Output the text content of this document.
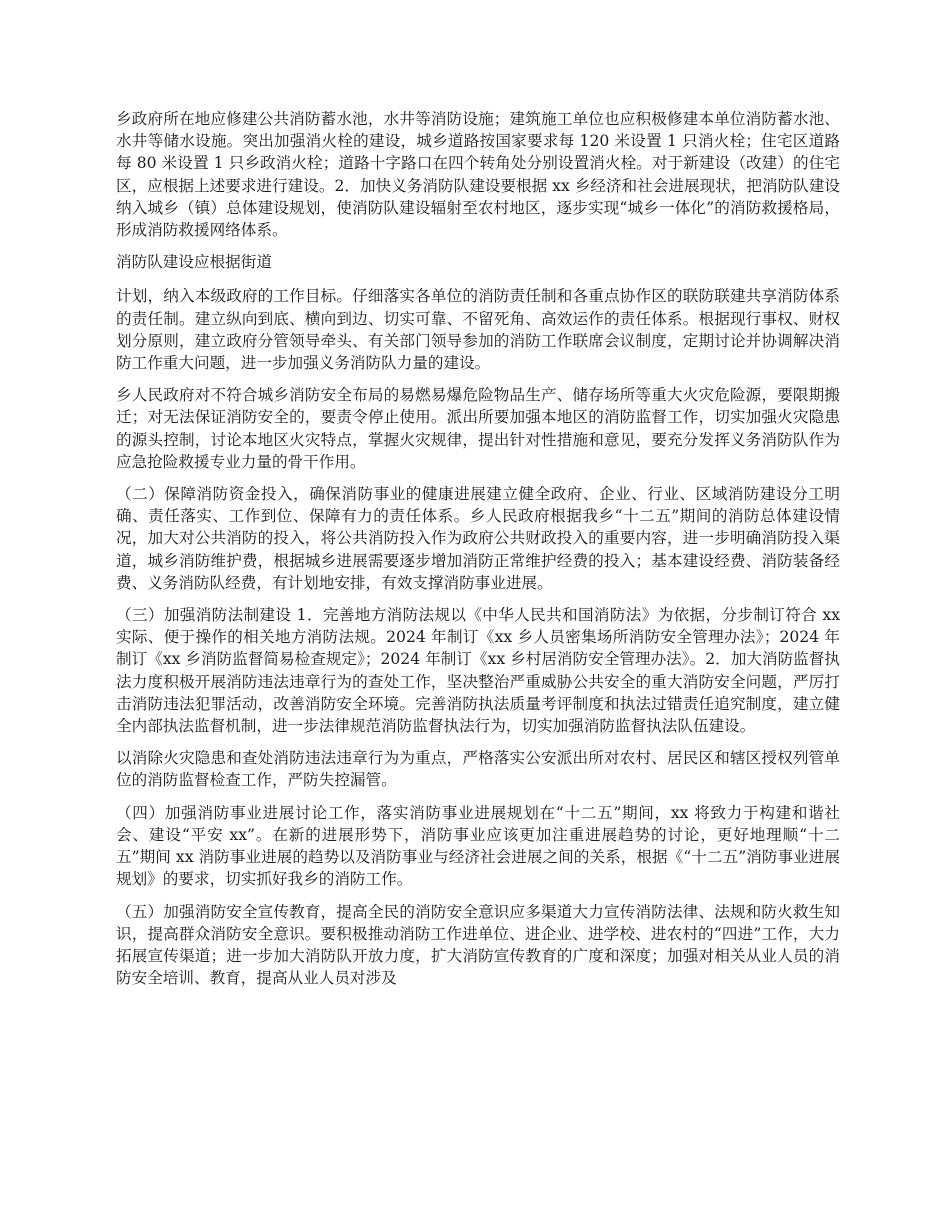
乡政府所在地应修建公共消防蓄水池，水井等消防设施；建筑施工单位也应积极修建本单位消防蓄水池、水井等储水设施。突出加强消火栓的建设，城乡道路按国家要求每 120 米设置 1 只消火栓；住宅区道路每 80 米设置 1 只乡政消火栓；道路十字路口在四个转角处分别设置消火栓。对于新建设（改建）的住宅区，应根据上述要求进行建设。2．加快义务消防队建设要根据 xx 乡经济和社会进展现状，把消防队建设纳入城乡（镇）总体建设规划，使消防队建设辐射至农村地区，逐步实现“城乡一体化”的消防救援格局，形成消防救援网络体系。

消防队建设应根据街道

计划，纳入本级政府的工作目标。仔细落实各单位的消防责任制和各重点协作区的联防联建共享消防体系的责任制。建立纵向到底、横向到边、切实可靠、不留死角、高效运作的责任体系。根据现行事权、财权划分原则，建立政府分管领导牵头、有关部门领导参加的消防工作联席会议制度，定期讨论并协调解决消防工作重大问题，进一步加强义务消防队力量的建设。

乡人民政府对不符合城乡消防安全布局的易燃易爆危险物品生产、储存场所等重大火灾危险源，要限期搬迁；对无法保证消防安全的，要责令停止使用。派出所要加强本地区的消防监督工作，切实加强火灾隐患的源头控制，讨论本地区火灾特点，掌握火灾规律，提出针对性措施和意见，要充分发挥义务消防队作为应急抢险救援专业力量的骨干作用。

（二）保障消防资金投入，确保消防事业的健康进展建立健全政府、企业、行业、区域消防建设分工明确、责任落实、工作到位、保障有力的责任体系。乡人民政府根据我乡“十二五”期间的消防总体建设情况，加大对公共消防的投入，将公共消防投入作为政府公共财政投入的重要内容，进一步明确消防投入渠道，城乡消防维护费，根据城乡进展需要逐步增加消防正常维护经费的投入；基本建设经费、消防装备经费、义务消防队经费，有计划地安排，有效支撑消防事业进展。

（三）加强消防法制建设 1．完善地方消防法规以《中华人民共和国消防法》为依据，分步制订符合 xx 实际、便于操作的相关地方消防法规。2024 年制订《xx 乡人员密集场所消防安全管理办法》；2024 年制订《xx 乡消防监督简易检查规定》；2024 年制订《xx 乡村居消防安全管理办法》。2．加大消防监督执法力度积极开展消防违法违章行为的查处工作，坚决整治严重威胁公共安全的重大消防安全问题，严厉打击消防违法犯罪活动，改善消防安全环境。完善消防执法质量考评制度和执法过错责任追究制度，建立健全内部执法监督机制，进一步法律规范消防监督执法行为，切实加强消防监督执法队伍建设。

以消除火灾隐患和查处消防违法违章行为为重点，严格落实公安派出所对农村、居民区和辖区授权列管单位的消防监督检查工作，严防失控漏管。

（四）加强消防事业进展讨论工作，落实消防事业进展规划在“十二五”期间，xx 将致力于构建和谐社会、建设“平安 xx”。在新的进展形势下，消防事业应该更加注重进展趋势的讨论，更好地理顺“十二五”期间 xx 消防事业进展的趋势以及消防事业与经济社会进展之间的关系，根据《“十二五”消防事业进展规划》的要求，切实抓好我乡的消防工作。

（五）加强消防安全宣传教育，提高全民的消防安全意识应多渠道大力宣传消防法律、法规和防火救生知识，提高群众消防安全意识。要积极推动消防工作进单位、进企业、进学校、进农村的“四进”工作，大力拓展宣传渠道；进一步加大消防队开放力度，扩大消防宣传教育的广度和深度；加强对相关从业人员的消防安全培训、教育，提高从业人员对涉及
